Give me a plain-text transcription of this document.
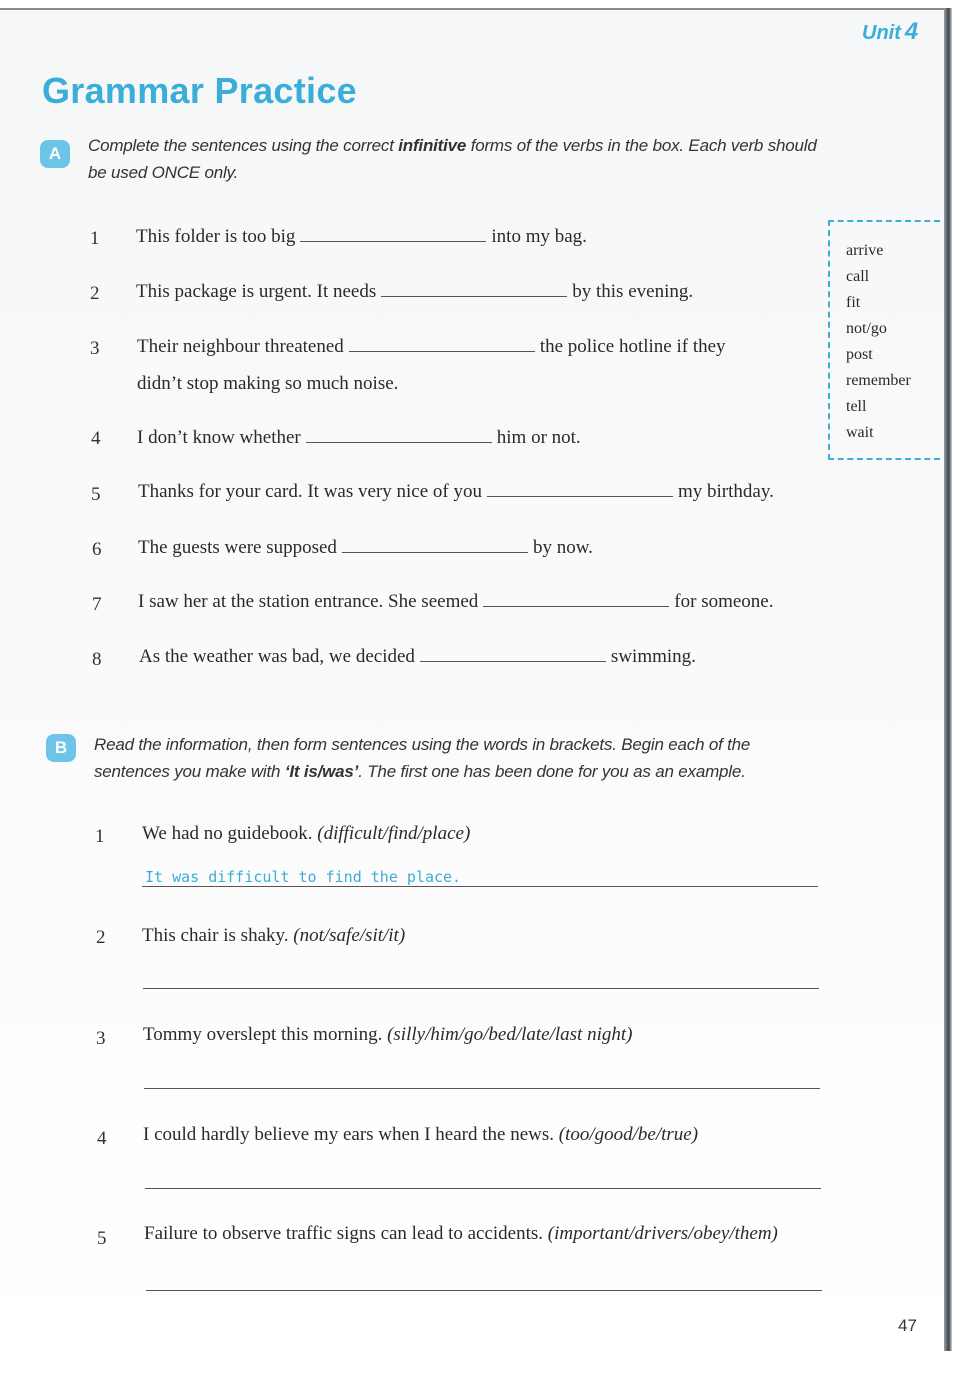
Unit 4
Grammar Practice
A	Complete the sentences using the correct infinitive forms of the verbs in the box. Each verb should be used ONCE only.

1 This folder is too big	into my bag.
2 This package is urgent. It needs	by this evening.
3 Their neighbour threatened	the police hotline if they
didn’t stop making so much noise.
4 I don’t know whether	him or not.
5 Thanks for your card. It was very nice of you	my birthday.
6 The guests were supposed	by now.
7 I saw her at the station entrance. She seemed	for someone.
8 As the weather was bad, we decided	swimming.
arrive
call
fit
not/go
post
remember
tell
wait
B	Read the information, then form sentences using the words in brackets. Begin each of the sentences you make with ‘It is/was’. The first one has been done for you as an example.

1 We had no guidebook. (difficult/find/place)
It was difficult to find the place.
2 This chair is shaky. (not/safe/sit/it)
3 Tommy overslept this morning. (silly/him/go/bed/late/last night)
4 I could hardly believe my ears when I heard the news. (too/good/be/true)
5 Failure to observe traffic signs can lead to accidents. (important/drivers/obey/them)
47
